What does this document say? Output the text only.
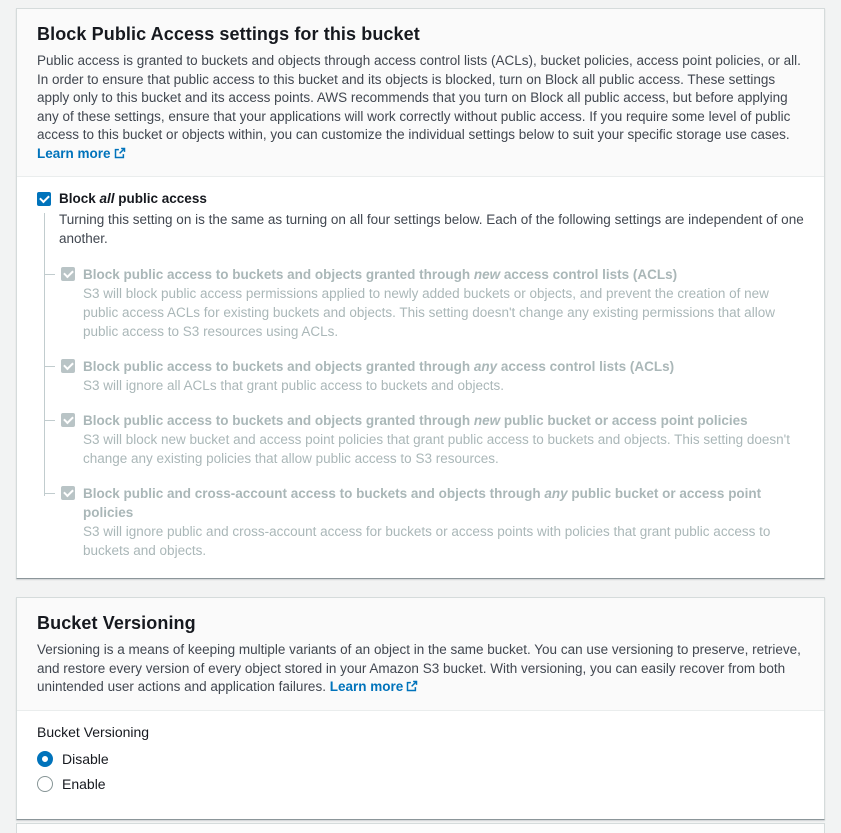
Block Public Access settings for this bucket

Public access is granted to buckets and objects through access control lists (ACLs), bucket policies, access point policies, or all. In order to ensure that public access to this bucket and its objects is blocked, turn on Block all public access. These settings apply only to this bucket and its access points. AWS recommends that you turn on Block all public access, but before applying any of these settings, ensure that your applications will work correctly without public access. If you require some level of public access to this bucket or objects within, you can customize the individual settings below to suit your specific storage use cases. Learn more

Block all public access
Turning this setting on is the same as turning on all four settings below. Each of the following settings are independent of one another.
Block public access to buckets and objects granted through new access control lists (ACLs)
S3 will block public access permissions applied to newly added buckets or objects, and prevent the creation of new public access ACLs for existing buckets and objects. This setting doesn't change any existing permissions that allow public access to S3 resources using ACLs.
Block public access to buckets and objects granted through any access control lists (ACLs)
S3 will ignore all ACLs that grant public access to buckets and objects.
Block public access to buckets and objects granted through new public bucket or access point policies
S3 will block new bucket and access point policies that grant public access to buckets and objects. This setting doesn't change any existing policies that allow public access to S3 resources.
Block public and cross-account access to buckets and objects through any public bucket or access point policies
S3 will ignore public and cross-account access for buckets or access points with policies that grant public access to buckets and objects.
Bucket Versioning

Versioning is a means of keeping multiple variants of an object in the same bucket. You can use versioning to preserve, retrieve, and restore every version of every object stored in your Amazon S3 bucket. With versioning, you can easily recover from both unintended user actions and application failures. Learn more

Bucket Versioning
Disable
Enable
